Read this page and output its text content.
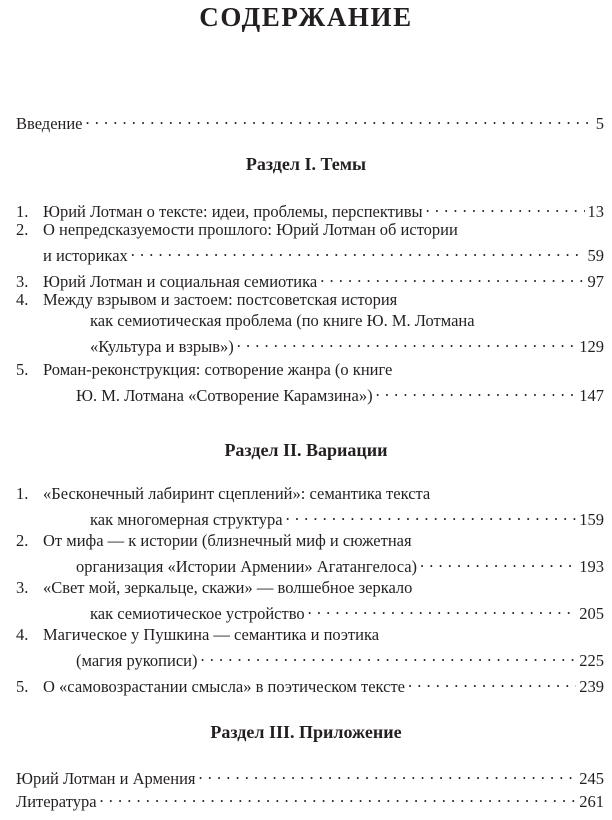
СОДЕРЖАНИЕ
Введение . . .	5
Раздел I. Темы
1. Юрий Лотман о тексте: идеи, проблемы, перспективы . . .	13
2. О непредсказуемости прошлого: Юрий Лотман об истории
и историках . . .	59
3. Юрий Лотман и социальная семиотика . . .	97
4. Между взрывом и застоем: постсоветская история
как семиотическая проблема (по книге Ю. М. Лотмана
«Культура и взрыв») . . .	129
5. Роман-реконструкция: сотворение жанра (о книге
Ю. М. Лотмана «Сотворение Карамзина») . . .	147
Раздел II. Вариации
1. «Бесконечный лабиринт сцеплений»: семантика текста
как многомерная структура . . .	159
2. От мифа — к истории (близнечный миф и сюжетная
организация «Истории Армении» Агатангелоса) . . .	193
3. «Свет мой, зеркальце, скажи» — волшебное зеркало
как семиотическое устройство . . .	205
4. Магическое у Пушкина — семантика и поэтика
(магия рукописи) . . .	225
5. О «самовозрастании смысла» в поэтическом тексте . . .	239
Раздел III. Приложение
Юрий Лотман и Армения . . .	245
Литература . . .	261
